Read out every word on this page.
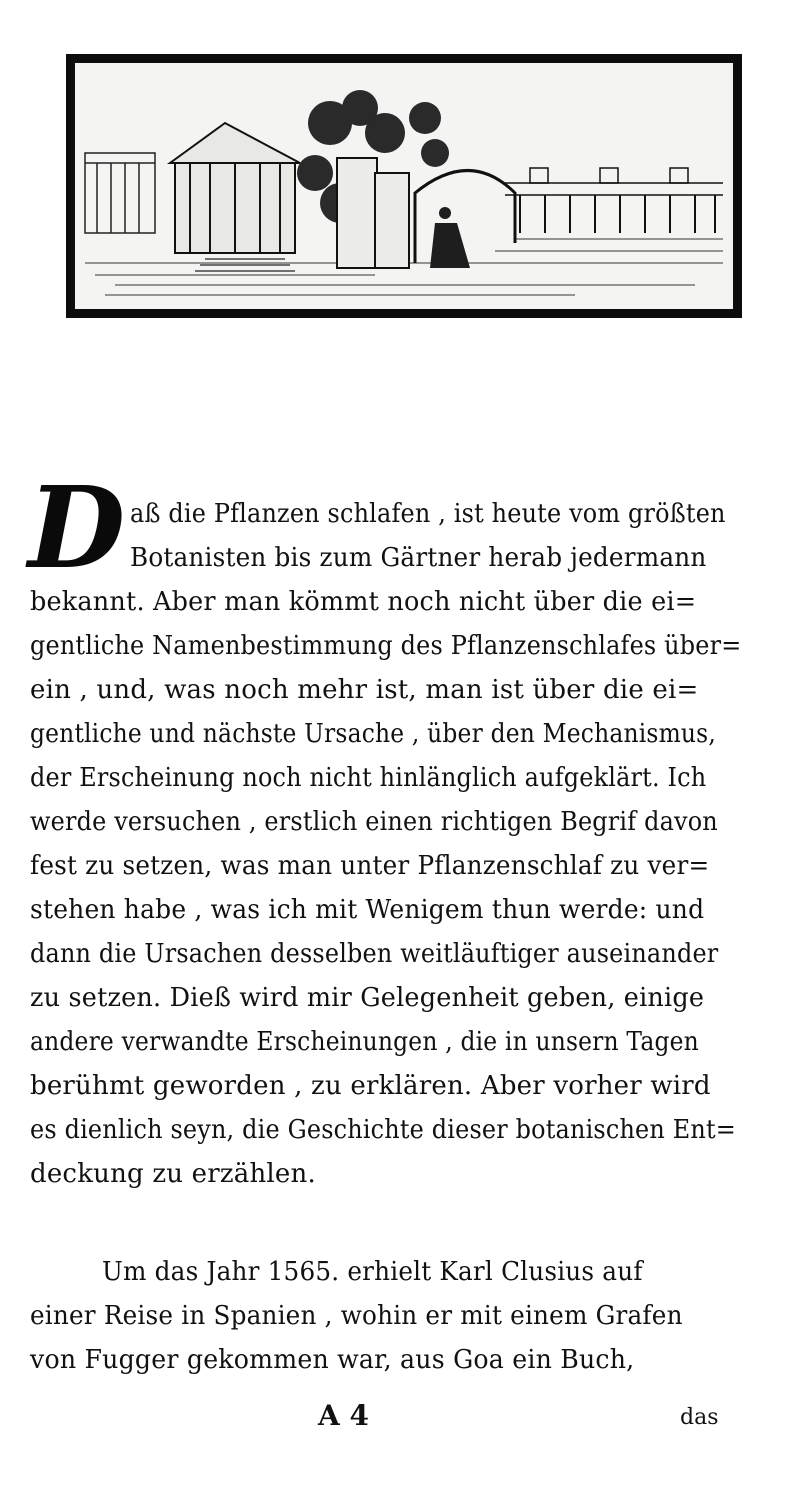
D aß die Pflanzen schlafen , ist heute vom größten
Botanisten bis zum Gärtner herab jedermann
bekannt. Aber man kömmt noch nicht über die ei=
gentliche Namenbestimmung des Pflanzenschlafes über=
ein , und, was noch mehr ist, man ist über die ei=
gentliche und nächste Ursache , über den Mechanismus,
der Erscheinung noch nicht hinlänglich aufgeklärt. Ich
werde versuchen , erstlich einen richtigen Begrif davon
fest zu setzen, was man unter Pflanzenschlaf zu ver=
stehen habe , was ich mit Wenigem thun werde: und
dann die Ursachen desselben weitläuftiger auseinander
zu setzen. Dieß wird mir Gelegenheit geben, einige
andere verwandte Erscheinungen , die in unsern Tagen
berühmt geworden , zu erklären. Aber vorher wird
es dienlich seyn, die Geschichte dieser botanischen Ent=
deckung zu erzählen.
Um das Jahr 1565. erhielt Karl Clusius auf
einer Reise in Spanien , wohin er mit einem Grafen
von Fugger gekommen war, aus Goa ein Buch,
A 4	das
